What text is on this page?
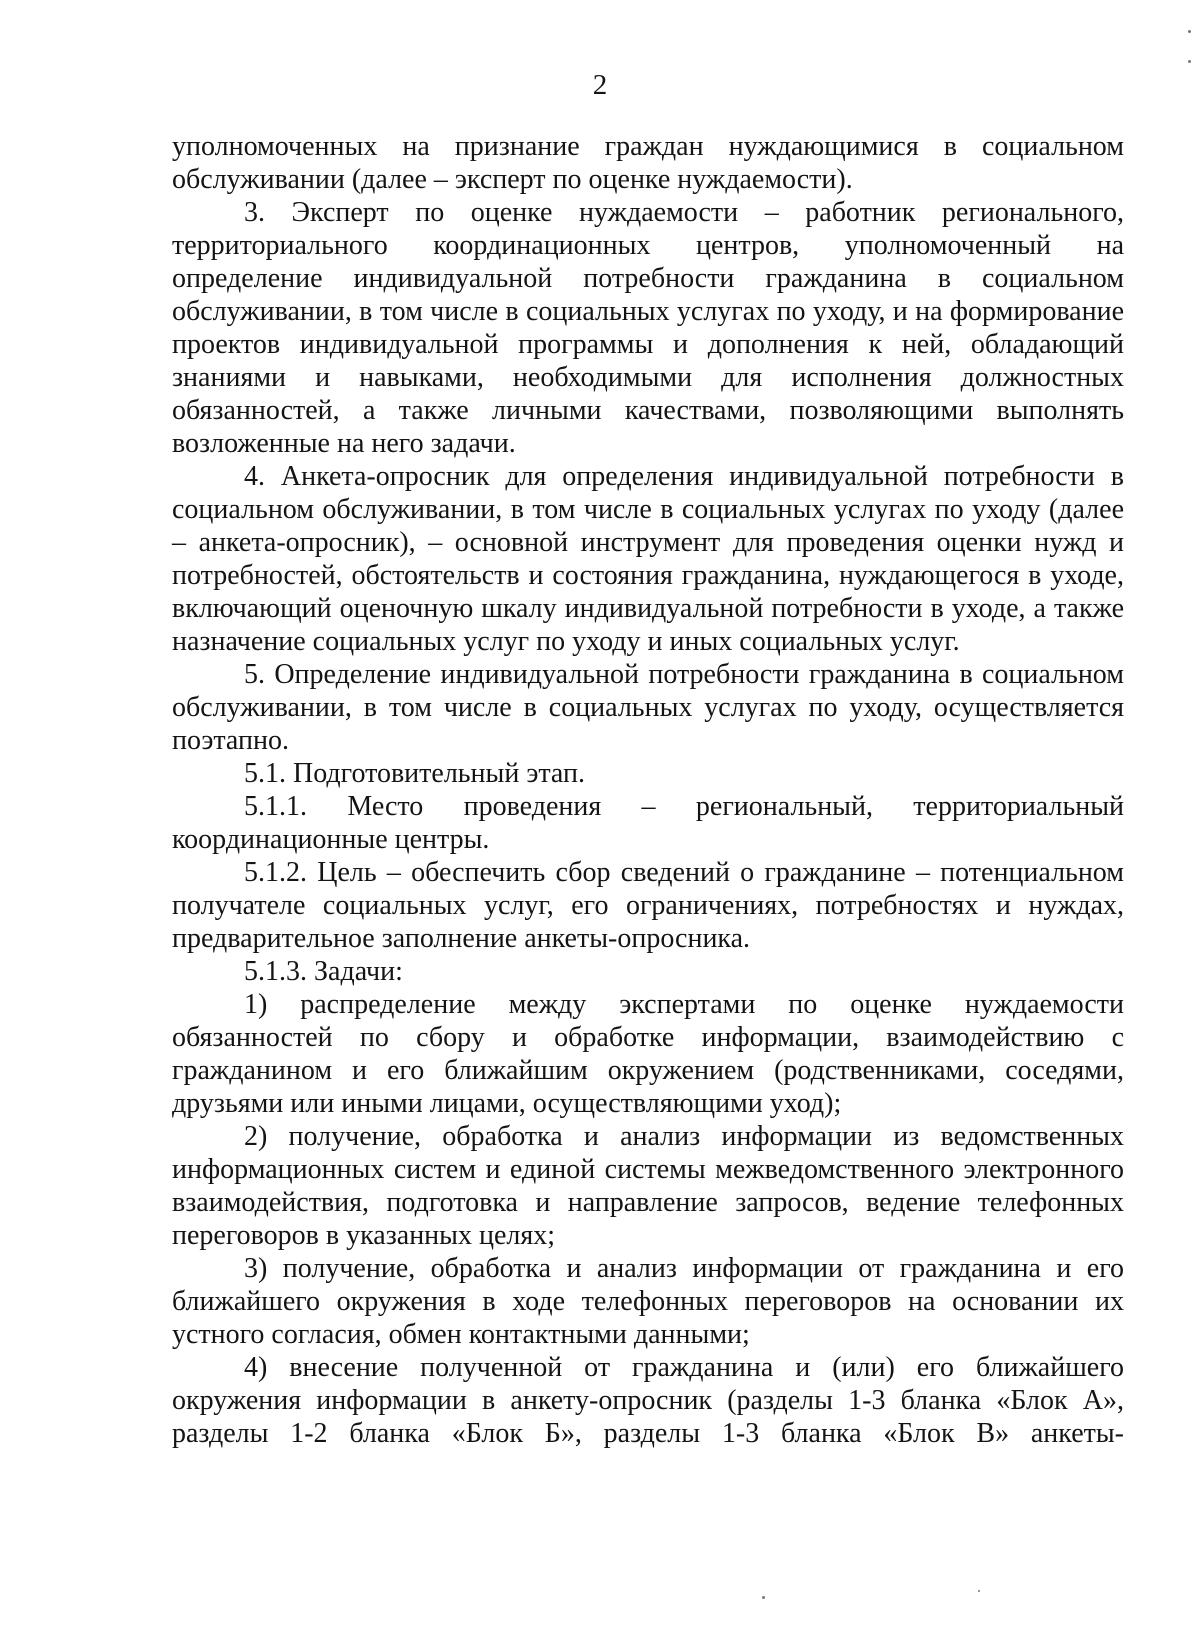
2

уполномоченных на признание граждан нуждающимися в социальном обслуживании (далее – эксперт по оценке нуждаемости).

3. Эксперт по оценке нуждаемости – работник регионального, территориального координационных центров, уполномоченный на определение индивидуальной потребности гражданина в социальном обслуживании, в том числе в социальных услугах по уходу, и на формирование проектов индивидуальной программы и дополнения к ней, обладающий знаниями и навыками, необходимыми для исполнения должностных обязанностей, а также личными качествами, позволяющими выполнять возложенные на него задачи.

4. Анкета-опросник для определения индивидуальной потребности в социальном обслуживании, в том числе в социальных услугах по уходу (далее – анкета-опросник), – основной инструмент для проведения оценки нужд и потребностей, обстоятельств и состояния гражданина, нуждающегося в уходе, включающий оценочную шкалу индивидуальной потребности в уходе, а также назначение социальных услуг по уходу и иных социальных услуг.

5. Определение индивидуальной потребности гражданина в социальном обслуживании, в том числе в социальных услугах по уходу, осуществляется поэтапно.

5.1. Подготовительный этап.

5.1.1. Место проведения – региональный, территориальный координационные центры.

5.1.2. Цель – обеспечить сбор сведений о гражданине – потенциальном получателе социальных услуг, его ограничениях, потребностях и нуждах, предварительное заполнение анкеты-опросника.

5.1.3. Задачи:

1) распределение между экспертами по оценке нуждаемости обязанностей по сбору и обработке информации, взаимодействию с гражданином и его ближайшим окружением (родственниками, соседями, друзьями или иными лицами, осуществляющими уход);

2) получение, обработка и анализ информации из ведомственных информационных систем и единой системы межведомственного электронного взаимодействия, подготовка и направление запросов, ведение телефонных переговоров в указанных целях;

3) получение, обработка и анализ информации от гражданина и его ближайшего окружения в ходе телефонных переговоров на основании их устного согласия, обмен контактными данными;

4) внесение полученной от гражданина и (или) его ближайшего окружения информации в анкету-опросник (разделы 1-3 бланка «Блок А», разделы 1-2 бланка «Блок Б», разделы 1-3 бланка «Блок В» анкеты-
